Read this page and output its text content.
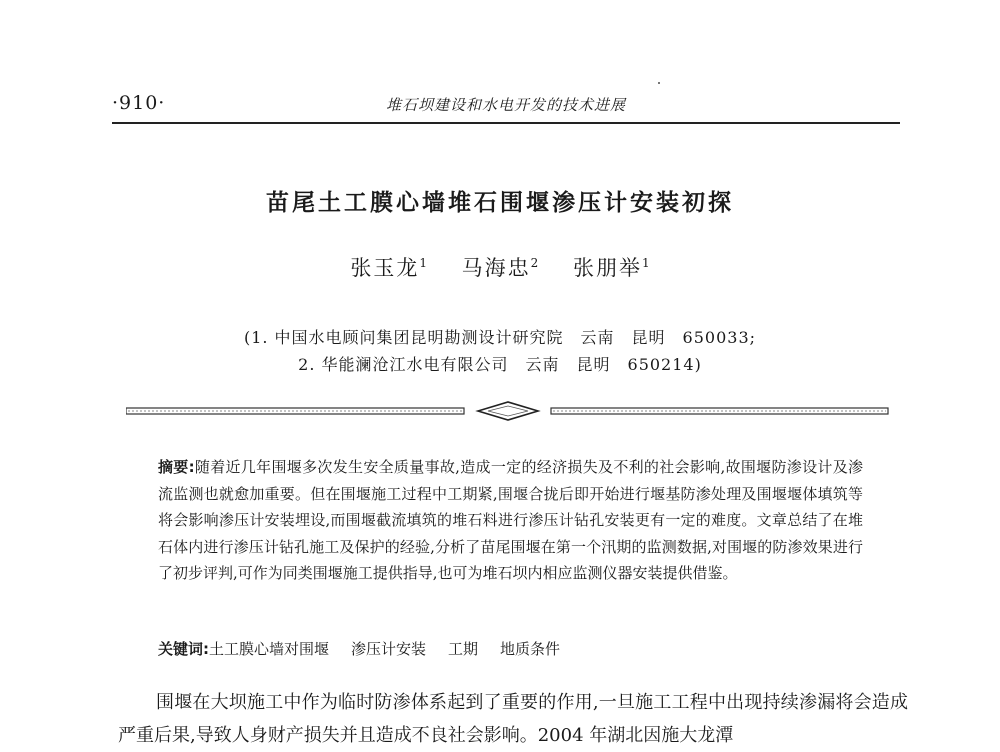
·910·	堆石坝建设和水电开发的技术进展
苗尾土工膜心墙堆石围堰渗压计安装初探
张玉龙$^1$ 马海忠$^2$ 张朋举$^1$
(1. 中国水电顾问集团昆明勘测设计研究院　云南　昆明　650033;
2. 华能澜沧江水电有限公司　云南　昆明　650214)
摘要:随着近几年围堰多次发生安全质量事故,造成一定的经济损失及不利的社会影响,故围堰防渗设计及渗流监测也就愈加重要。但在围堰施工过程中工期紧,围堰合拢后即开始进行堰基防渗处理及围堰堰体填筑等将会影响渗压计安装埋设,而围堰截流填筑的堆石料进行渗压计钻孔安装更有一定的难度。文章总结了在堆石体内进行渗压计钻孔施工及保护的经验,分析了苗尾围堰在第一个汛期的监测数据,对围堰的防渗效果进行了初步评判,可作为同类围堰施工提供指导,也可为堆石坝内相应监测仪器安装提供借鉴。
关键词:土工膜心墙对围堰 渗压计安装 工期 地质条件
围堰在大坝施工中作为临时防渗体系起到了重要的作用,一旦施工工程中出现持续渗漏将会造成严重后果,导致人身财产损失并且造成不良社会影响。2004 年湖北因施大龙潭
